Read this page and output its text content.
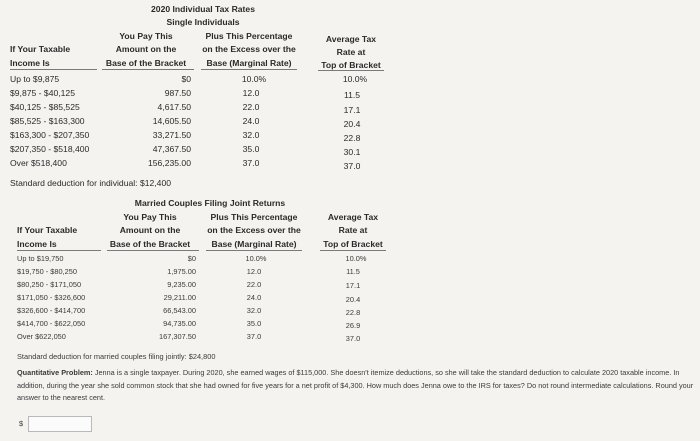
2020 Individual Tax Rates
Single Individuals
If Your Taxable
Income Is
You Pay This
Amount on the
Base of the Bracket
Plus This Percentage
on the Excess over the
Base (Marginal Rate)
Average Tax
Rate at
Top of Bracket
Up to $9,875	$0	10.0%	10.0%
$9,875 - $40,125	987.50	12.0	11.5
$40,125 - $85,525	4,617.50	22.0	17.1
$85,525 - $163,300	14,605.50	24.0	20.4
$163,300 - $207,350	33,271.50	32.0	22.8
$207,350 - $518,400	47,367.50	35.0	30.1
Over $518,400	156,235.00	37.0	37.0
Standard deduction for individual: $12,400
Married Couples Filing Joint Returns
If Your Taxable
Income Is
You Pay This
Amount on the
Base of the Bracket
Plus This Percentage
on the Excess over the
Base (Marginal Rate)
Average Tax
Rate at
Top of Bracket
Up to $19,750	$0	10.0%	10.0%
$19,750 - $80,250	1,975.00	12.0	11.5
$80,250 - $171,050	9,235.00	22.0	17.1
$171,050 - $326,600	29,211.00	24.0	20.4
$326,600 - $414,700	66,543.00	32.0	22.8
$414,700 - $622,050	94,735.00	35.0	26.9
Over $622,050	167,307.50	37.0	37.0
Standard deduction for married couples filing jointly: $24,800
Quantitative Problem: Jenna is a single taxpayer. During 2020, she earned wages of $115,000. She doesn't itemize deductions, so she will take the standard deduction to calculate 2020 taxable income. In addition, during the year she sold common stock that she had owned for five years for a net profit of $4,300. How much does Jenna owe to the IRS for taxes? Do not round intermediate calculations. Round your answer to the nearest cent.
$
